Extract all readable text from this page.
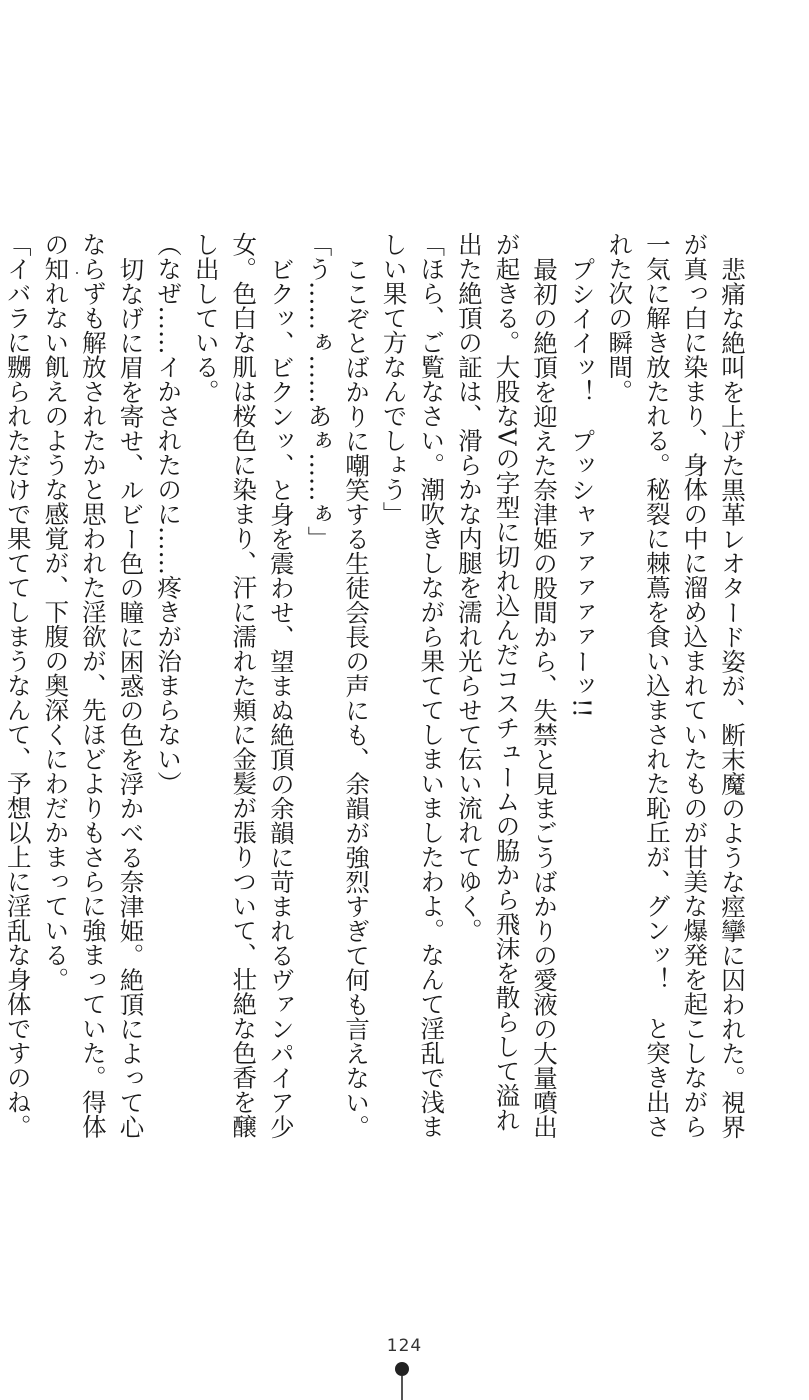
悲痛な絶叫を上げた黒革レオタード姿が、断末魔のような痙攣に囚われた。視界が真っ白に染まり、身体の中に溜め込まれていたものが甘美な爆発を起こしながら一気に解き放たれる。秘裂に棘蔦を食い込まされた恥丘が、グンッ！　と突き出された次の瞬間。

プシイイッ！　プッシャァァァァァーッ!!

最初の絶頂を迎えた奈津姫の股間から、失禁と見まごうばかりの愛液の大量噴出が起きる。大股なVの字型に切れ込んだコスチュームの脇から飛沫を散らして溢れ出た絶頂の証は、滑らかな内腿を濡れ光らせて伝い流れてゆく。

「ほら、ご覧なさい。潮吹きしながら果ててしまいましたわよ。なんて淫乱で浅ましい果て方なんでしょう」

ここぞとばかりに嘲笑する生徒会長の声にも、余韻が強烈すぎて何も言えない。

「う……ぁ……あぁ……ぁ」

ビクッ、ビクンッ、と身を震わせ、望まぬ絶頂の余韻に苛まれるヴァンパイア少女。色白な肌は桜色に染まり、汗に濡れた頬に金髪が張りついて、壮絶な色香を醸し出している。

（なぜ……イかされたのに……疼きが治まらない）

切なげに眉を寄せ、ルビー色の瞳に困惑の色を浮かべる奈津姫。絶頂によって心ならずも解放されたかと思われた淫欲が、先ほどよりもさらに強まっていた。得体の知れない飢えのような感覚が、下腹の奥深くにわだかまっている。

「イバラに嬲られただけで果ててしまうなんて、予想以上に淫乱な身体ですのね。

124
